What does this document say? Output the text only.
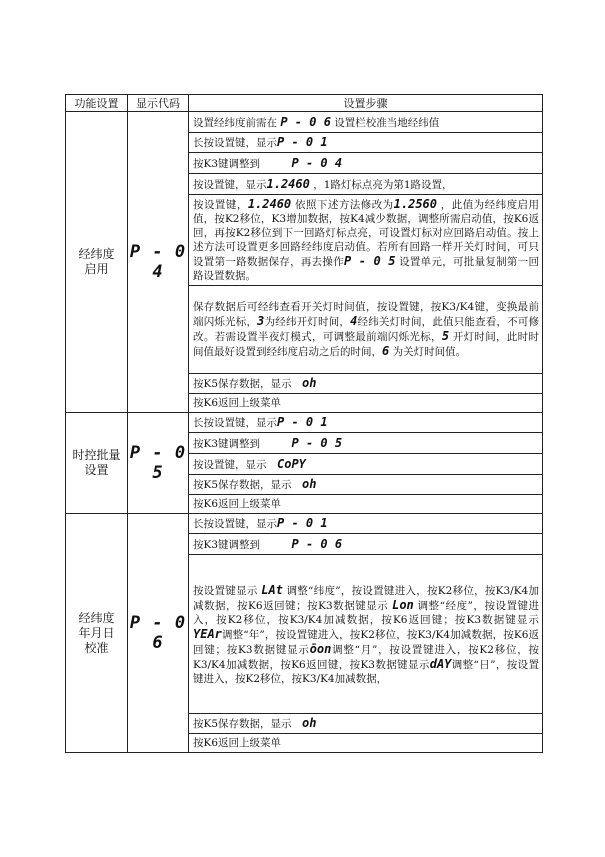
功能设置	显示代码	设置步骤

经纬度
启用	P - 0 4	设置经纬度前需在 P - 0 6 设置栏校准当地经纬值
		长按设置键，显示P - 0 1
		按K3键调整到　　　P - 0 4
		按设置键，显示1.2460 ，1路灯标点亮为第1路设置，
		按设置键，1.2460 依照下述方法修改为1.2560 ，此值为经纬度启用值，按K2移位，K3增加数据，按K4减少数据，调整所需启动值，按K6返回，再按K2移位到下一回路灯标点亮，可设置灯标对应回路启动值。按上述方法可设置更多回路经纬度启动值。若所有回路一样开关灯时间，可只设置第一路数据保存，再去操作P - 0 5 设置单元，可批量复制第一回路设置数据。
		保存数据后可经纬查看开关灯时间值，按设置键，按K3/K4键，变换最前端闪烁光标，3为经纬开灯时间，4经纬关灯时间，此值只能查看，不可修改。若需设置半夜灯模式，可调整最前端闪烁光标，5 开灯时间，此时时间值最好设置到经纬度启动之后的时间，6 为关灯时间值。
		按K5保存数据，显示　oh
		按K6返回上级菜单

时控批量
设置	P - 0 5	长按设置键，显示P - 0 1
		按K3键调整到　　　P - 0 5
		按设置键，显示　CoPY
		按K5保存数据，显示　oh
		按K6返回上级菜单

经纬度
年月日
校准	P - 0 6	长按设置键，显示P - 0 1
		按K3键调整到　　　P - 0 6
		按设置键显示 LAt 调整“纬度”，按设置键进入，按K2移位，按K3/K4加减数据，按K6返回键；按K3数据键显示 Lon 调整“经度”，按设置键进入，按K2移位，按K3/K4加减数据，按K6返回键；按K3数据键显示 YEAr调整“年”，按设置键进入，按K2移位，按K3/K4加减数据，按K6返回键；按K3数据键显示ōon调整“月”，按设置键进入，按K2移位，按K3/K4加减数据，按K6返回键，按K3数据键显示dAY调整“日”，按设置键进入，按K2移位，按K3/K4加减数据，
		按K5保存数据，显示　oh
		按K6返回上级菜单
